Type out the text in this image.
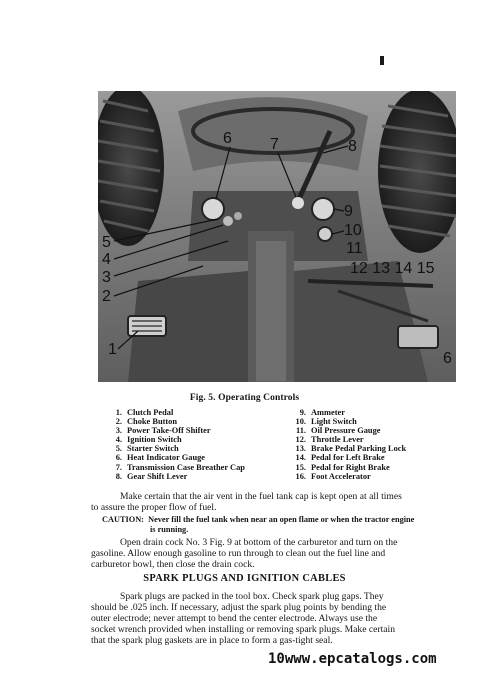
6 7	8
9
10
11
12 13 14 15
5
4
3
2
1
6
Fig. 5. Operating Controls
1. Clutch Pedal
2. Choke Button
3. Power Take-Off Shifter
4. Ignition Switch
5. Starter Switch
6. Heat Indicator Gauge
7. Transmission Case Breather Cap
8. Gear Shift Lever
9. Ammeter
10. Light Switch
11. Oil Pressure Gauge
12. Throttle Lever
13. Brake Pedal Parking Lock
14. Pedal for Left Brake
15. Pedal for Right Brake
16. Foot Accelerator
Make certain that the air vent in the fuel tank cap is kept open at all times
to assure the proper flow of fuel.
CAUTION: Never fill the fuel tank when near an open flame or when the tractor engine
is running.
Open drain cock No. 3 Fig. 9 at bottom of the carburetor and turn on the
gasoline. Allow enough gasoline to run through to clean out the fuel line and
carburetor bowl, then close the drain cock.
SPARK PLUGS AND IGNITION CABLES
Spark plugs are packed in the tool box. Check spark plug gaps. They
should be .025 inch. If necessary, adjust the spark plug points by bending the
outer electrode; never attempt to bend the center electrode. Always use the
socket wrench provided when installing or removing spark plugs. Make certain
that the spark plug gaskets are in place to form a gas-tight seal.
10www.epcatalogs.com
